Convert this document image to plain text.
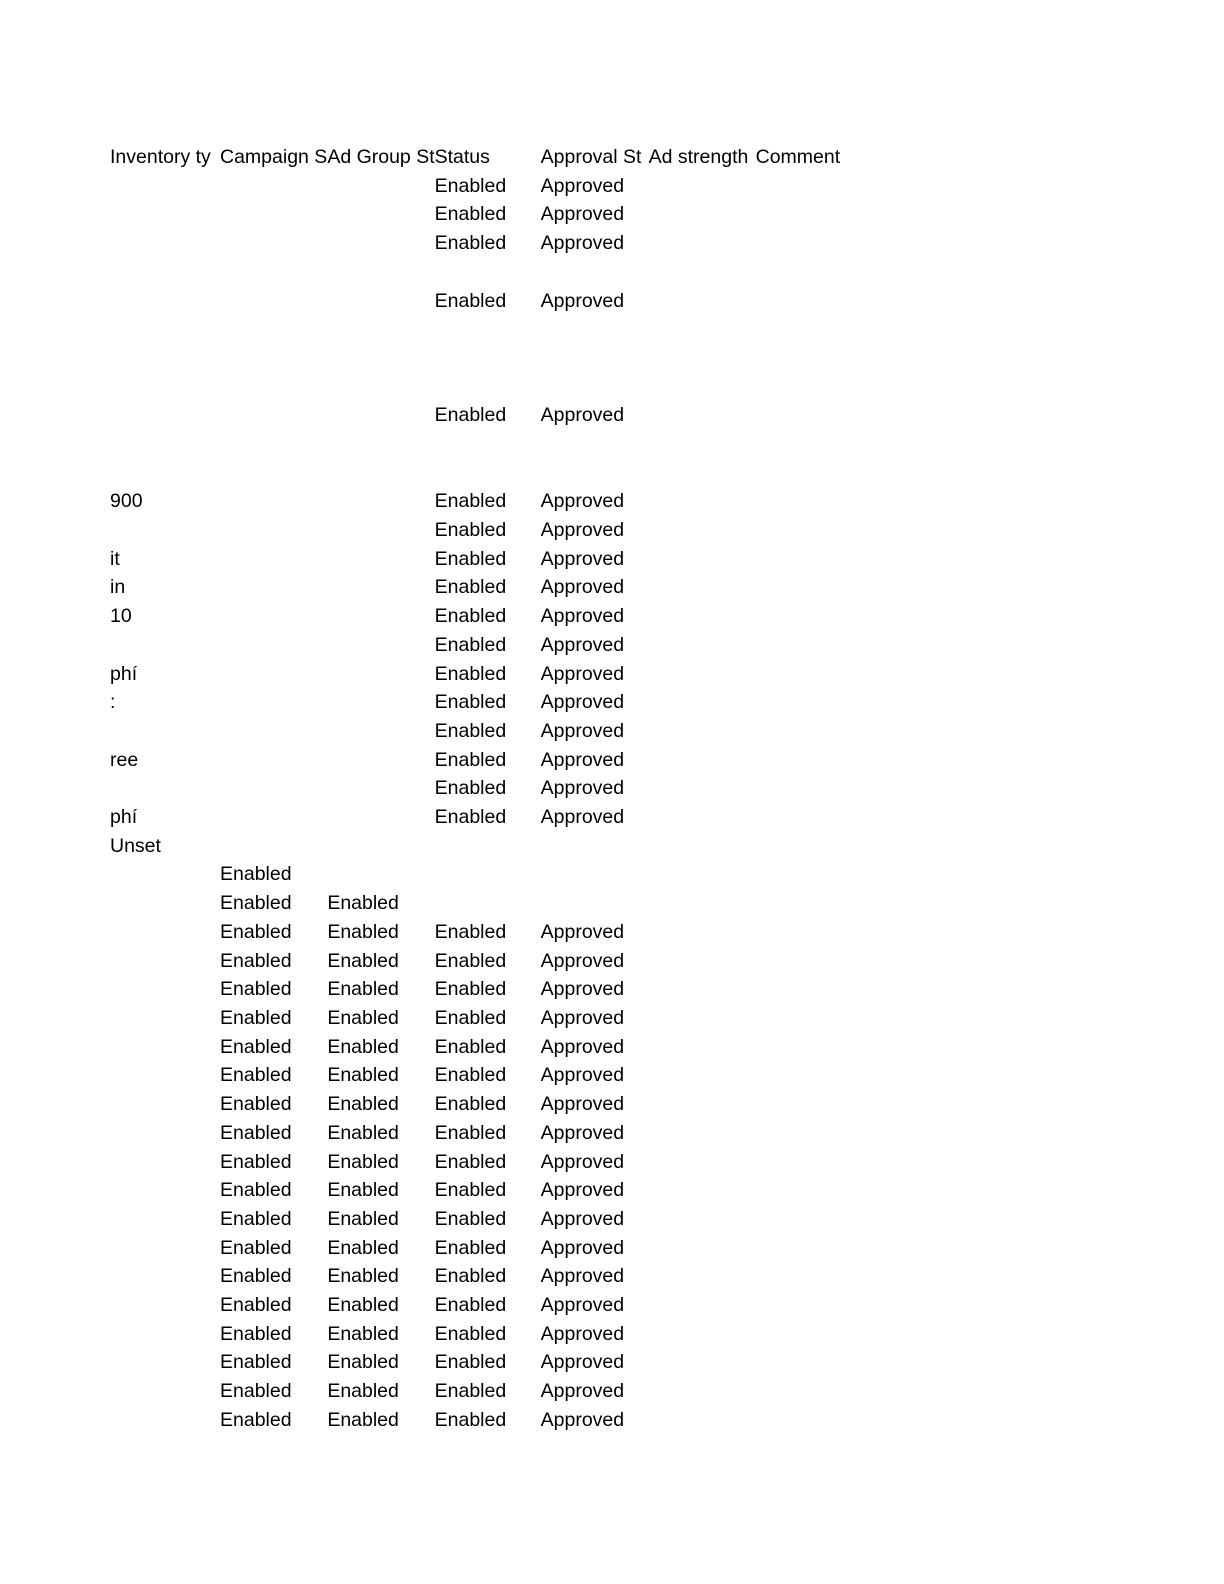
Inventory ty	Campaign S	Ad Group St	Status	Approval St	Ad strength	Comment
			Enabled	Approved		
			Enabled	Approved		
			Enabled	Approved		

			Enabled	Approved		

			Enabled	Approved		

900			Enabled	Approved		
			Enabled	Approved		
it			Enabled	Approved		
in			Enabled	Approved		
10			Enabled	Approved		
			Enabled	Approved		
phí			Enabled	Approved		
:			Enabled	Approved		
			Enabled	Approved		
ree			Enabled	Approved		
			Enabled	Approved		
phí			Enabled	Approved		
Unset						
	Enabled					
	Enabled	Enabled				
	Enabled	Enabled	Enabled	Approved		
	Enabled	Enabled	Enabled	Approved		
	Enabled	Enabled	Enabled	Approved		
	Enabled	Enabled	Enabled	Approved		
	Enabled	Enabled	Enabled	Approved		
	Enabled	Enabled	Enabled	Approved		
	Enabled	Enabled	Enabled	Approved		
	Enabled	Enabled	Enabled	Approved		
	Enabled	Enabled	Enabled	Approved		
	Enabled	Enabled	Enabled	Approved		
	Enabled	Enabled	Enabled	Approved		
	Enabled	Enabled	Enabled	Approved		
	Enabled	Enabled	Enabled	Approved		
	Enabled	Enabled	Enabled	Approved		
	Enabled	Enabled	Enabled	Approved		
	Enabled	Enabled	Enabled	Approved		
	Enabled	Enabled	Enabled	Approved		
	Enabled	Enabled	Enabled	Approved		
